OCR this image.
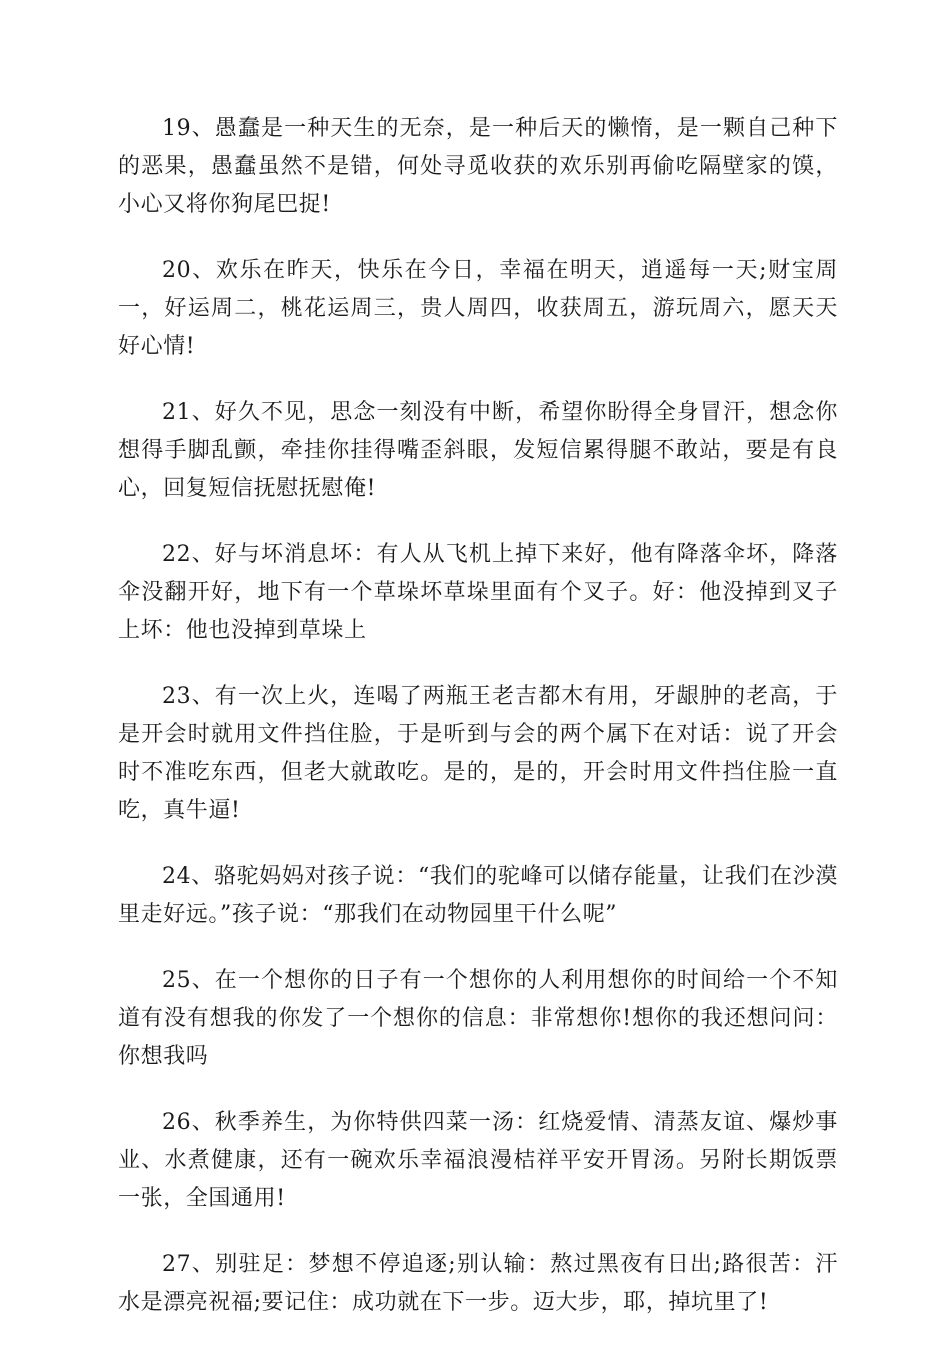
19、愚蠢是一种天生的无奈，是一种后天的懒惰，是一颗自己种下的恶果，愚蠢虽然不是错，何处寻觅收获的欢乐别再偷吃隔壁家的馍，小心又将你狗尾巴捉!

20、欢乐在昨天，快乐在今日，幸福在明天，逍遥每一天;财宝周一，好运周二，桃花运周三，贵人周四，收获周五，游玩周六，愿天天好心情!

21、好久不见，思念一刻没有中断，希望你盼得全身冒汗，想念你想得手脚乱颤，牵挂你挂得嘴歪斜眼，发短信累得腿不敢站，要是有良心，回复短信抚慰抚慰俺!

22、好与坏消息坏：有人从飞机上掉下来好，他有降落伞坏，降落伞没翻开好，地下有一个草垛坏草垛里面有个叉子。好：他没掉到叉子上坏：他也没掉到草垛上

23、有一次上火，连喝了两瓶王老吉都木有用，牙龈肿的老高，于是开会时就用文件挡住脸，于是听到与会的两个属下在对话：说了开会时不准吃东西，但老大就敢吃。是的，是的，开会时用文件挡住脸一直吃，真牛逼!

24、骆驼妈妈对孩子说：“我们的驼峰可以储存能量，让我们在沙漠里走好远。”孩子说：“那我们在动物园里干什么呢”

25、在一个想你的日子有一个想你的人利用想你的时间给一个不知道有没有想我的你发了一个想你的信息：非常想你!想你的我还想问问：你想我吗

26、秋季养生，为你特供四菜一汤：红烧爱情、清蒸友谊、爆炒事业、水煮健康，还有一碗欢乐幸福浪漫桔祥平安开胃汤。另附长期饭票一张，全国通用!

27、别驻足：梦想不停追逐;别认输：熬过黑夜有日出;路很苦：汗水是漂亮祝福;要记住：成功就在下一步。迈大步，耶，掉坑里了!
